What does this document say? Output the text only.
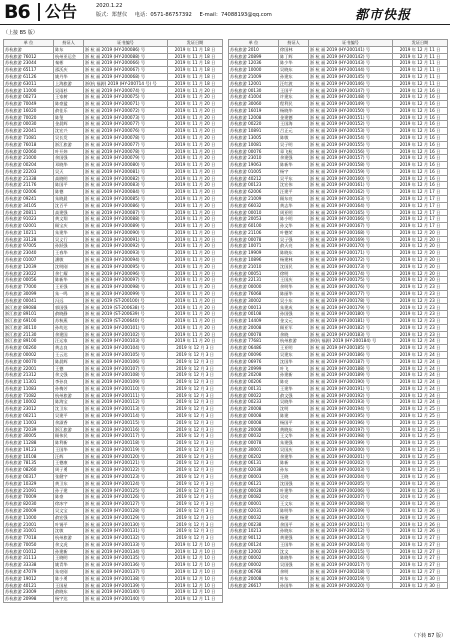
B6 公告	2020.1.22
版式：郑慧仪 电话：0571-86757392 E-mail：74088193@qq.com	都市快报
（上接 B5 版）
单 位	持证人	证书编号	发证日期
苏杭旅游	陈东	浙 杭 福 2019 (HY-200086) 号	2019 年 11 月 18 日
苏杭旅游 76012	杭州亚运会	浙 杭 福 2019 (HY-200088) 号	2019 年 11 月 18 日
苏杭旅游 23044	秦彬	浙 杭 福 2019 (HY-200066) 号	2019 年 11 月 18 日
苏杭旅游 65117	邵沃庆	浙 杭 福 2019 (HY-200067) 号	2019 年 11 月 18 日
苏杭旅游 61126	姚丹华	浙 杭 福 2019 (HY-200068) 号	2019 年 11 月 18 日
苏杭旅游 63011	上海旅游	浙(杭 福源) 2019 (HY-200714 号) 号	2019 年 11 月 18 日
苏杭旅游 11000	吴雨杉	浙 杭 福 2019 (HY-200074) 号	2019 年 11 月 20 日
苏杭旅游 00273	王家树	浙 杭 福 2019 (HY-200075) 号	2019 年 11 月 20 日
苏杭旅游 70049	陈豪猛	浙 杭 福 2019 (HY-200071) 号	2019 年 11 月 20 日
苏杭旅游 16020	俞佳乐	浙 杭 福 2019 (HY-200072) 号	2019 年 11 月 20 日
苏杭旅游 70020	陈玺	浙 杭 福 2019 (HY-200073) 号	2019 年 11 月 20 日
苏杭旅游 00030	金晨辉	浙 杭 福 2019 (HY-200077) 号	2019 年 11 月 20 日
苏杭旅游 22041	沈宏兴	浙 杭 福 2019 (HY-200076) 号	2019 年 11 月 20 日
苏杭旅游 71081	吴长发	浙 杭 福 2019 (HY-200078) 号	2019 年 11 月 20 日
苏杭旅游 76018	浙江旅游	浙 杭 福 2019 (HY-200077) 号	2019 年 11 月 20 日
苏杭旅游 02060	叶开炜	浙 杭 福 2019 (HY-200078) 号	2019 年 11 月 20 日
苏杭旅游 21000	余国强	浙 杭 福 2019 (HY-200079) 号	2019 年 11 月 20 日
苏杭旅游 00204	邓晓华	浙 杭 福 2019 (HY-200080) 号	2019 年 11 月 20 日
苏杭旅游 22203	吴天	浙 杭 福 2019 (HY-200081) 号	2019 年 11 月 20 日
苏杭旅游 21338	高晓明	浙 杭 福 2019 (HY-200082) 号	2019 年 11 月 20 日
苏杭旅游 21176	陈国平	浙 杭 福 2019 (HY-200083) 号	2019 年 11 月 20 日
苏杭旅游 02006	陈德	浙 杭 福 2019 (HY-200084) 号	2019 年 11 月 20 日
苏杭旅游 09241	朱晓晨	浙 杭 福 2019 (HY-200085) 号	2019 年 11 月 20 日
苏杭旅游 34105	沈百平	浙 杭 福 2019 (HY-200086) 号	2019 年 11 月 20 日
苏杭旅游 20811	高建强	浙 杭 福 2019 (HY-200087) 号	2019 年 11 月 20 日
苏杭旅游 91023	黄文翔	浙 杭 福 2019 (HY-200088) 号	2019 年 11 月 20 日
苏杭旅游 02001	顾宝庆	浙 杭 福 2019 (HY-200089) 号	2019 年 11 月 20 日
苏杭旅游 10211	朱建华	浙 杭 福 2019 (HY-200090) 号	2019 年 11 月 20 日
苏杭旅游 33128	吴义行	浙 杭 福 2019 (HY-200091) 号	2019 年 11 月 20 日
苏杭旅游 97005	孙跃强	浙 杭 福 2019 (HY-200092) 号	2019 年 11 月 20 日
苏杭旅游 23040	王春华	浙 杭 福 2019 (HY-200093) 号	2019 年 11 月 20 日
苏杭旅游 01007	潘敏	浙 杭 福 2019 (HY-200094) 号	2019 年 11 月 20 日
苏杭旅游 12039	沈明刚	浙 杭 福 2019 (HY-200095) 号	2019 年 11 月 20 日
苏杭旅游 23022	余仁耀	浙 杭 福 2019 (HY-200096) 号	2019 年 11 月 20 日
苏杭旅游 00056	陈新华	浙 杭 福 2019 (HY-200097) 号	2019 年 11 月 20 日
苏杭旅游 77000	王亚强	浙 杭 福 2019 (HY-200098) 号	2019 年 11 月 20 日
苏杭旅游 30099	朱一鸣	浙 杭 福 2019 (HY-200099) 号	2019 年 11 月 20 日
苏杭旅游 00041	冯远	浙 杭 福 2019 (ST-200100) 号	2019 年 11 月 20 日
浙江旅游 89088	郭国强	浙 杭 福 2019 (ST-200638) 号	2019 年 11 月 20 日
浙江旅游 89101	俞晓静	浙 杭 福 2019 (ST-200639) 号	2019 年 11 月 20 日
浙江旅游 69100	苏秋燕	浙 杭 福 2019 (ST-200640) 号	2019 年 11 月 20 日
浙江旅游 30110	孙幼达	浙 杭 福 2019 (HY-200101) 号	2019 年 11 月 20 日
浙江旅游 21130	余建国	浙 杭 福 2019 (HY-200102) 号	2019 年 11 月 20 日
浙江旅游 89100	汪运家	浙 杭 福 2019 (HY-200103) 号	2019 年 11 月 20 日
苏杭旅游 00260	黄志良	浙 杭 福 2019 (HY-200104) 号	2019 年 12 月 3 日
苏杭旅游 00002	王云达	浙 杭 福 2019 (HY-200105) 号	2019 年 12 月 3 日
苏杭旅游 00070	陈晨辉	浙 杭 福 2019 (HY-200106) 号	2019 年 12 月 3 日
苏杭旅游 22001	王德	浙 杭 福 2019 (HY-200107) 号	2019 年 12 月 3 日
苏杭旅游 21312	余文强	浙 杭 福 2019 (HY-200108) 号	2019 年 12 月 3 日
苏杭旅游 11301	李孙良	浙 杭 福 2019 (HY-200109) 号	2019 年 12 月 3 日
苏杭旅游 11083	孙梅芳	浙 杭 福 2019 (HY-200110) 号	2019 年 12 月 3 日
苏杭旅游 71082	杭州旅游	浙 杭 福 2019 (HY-200111) 号	2019 年 12 月 3 日
苏杭旅游 10002	陈海宝	浙 杭 福 2019 (HY-200112) 号	2019 年 12 月 3 日
苏杭旅游 23012	沈卫东	浙 杭 福 2019 (HY-200113) 号	2019 年 12 月 3 日
苏杭旅游 00211	吴建平	浙 杭 福 2019 (HY-200114) 号	2019 年 12 月 3 日
苏杭旅游 11003	余淑香	浙 杭 福 2019 (HY-200115) 号	2019 年 12 月 3 日
苏杭旅游 72039	浙江旅游	浙 杭 福 2019 (HY-200116) 号	2019 年 12 月 3 日
苏杭旅游 30005	顾伟民	浙 杭 福 2019 (HY-200117) 号	2019 年 12 月 3 日
苏杭旅游 11288	陈利新	浙 杭 福 2019 (HY-200118) 号	2019 年 12 月 3 日
苏杭旅游 19123	王国华	浙 杭 福 2019 (HY-200119) 号	2019 年 12 月 3 日
苏杭旅游 10108	汪辉	浙 杭 福 2019 (HY-200120) 号	2019 年 12 月 3 日
苏杭旅游 78135	王德康	浙 杭 福 2019 (HY-200121) 号	2019 年 12 月 3 日
苏杭旅游 08260	周子勇	浙 杭 福 2019 (HY-200122) 号	2019 年 12 月 3 日
苏杭旅游 00317	张健宇	浙 杭 福 2019 (HY-200123) 号	2019 年 12 月 3 日
苏杭旅游 10329	黄卫东	浙 杭 福 2019 (HY-200124) 号	2019 年 12 月 3 日
苏杭旅游 21091	孙子建	浙 杭 福 2019 (HY-200125) 号	2019 年 12 月 3 日
苏杭旅游 70009	陈豪	浙 杭 福 2019 (HY-200126) 号	2019 年 12 月 3 日
苏杭旅游 82030	徐冰宇	浙 杭 福 2019 (HY-200127) 号	2019 年 12 月 3 日
苏杭旅游 20009	吴文宝	浙 杭 福 2019 (HY-200128) 号	2019 年 12 月 3 日
苏杭旅游 11000	俞宏强	浙 杭 福 2019 (HY-200129) 号	2019 年 12 月 3 日
苏杭旅游 21001	叶锡平	浙 杭 福 2019 (HY-200130) 号	2019 年 12 月 3 日
苏杭旅游 31001	沈敏	浙 杭 福 2019 (HY-200131) 号	2019 年 12 月 3 日
苏杭旅游 77018	杭州旅游	浙 杭 福 2019 (HY-200132) 号	2019 年 12 月 3 日
苏杭旅游 70050	余文虎	浙 杭 福 2019 (HY-200133) 号	2019 年 12 月 10 日
苏杭旅游 01012	孙建新	浙 杭 福 2019 (HY-200134) 号	2019 年 12 月 10 日
苏杭旅游 31113	王晓明	浙 杭 福 2019 (HY-200135) 号	2019 年 12 月 10 日
苏杭旅游 33338	姚青华	浙 杭 福 2019 (HY-200136) 号	2019 年 12 月 10 日
苏杭旅游 47079	朱亮刚	浙 杭 福 2019 (HY-200137) 号	2019 年 12 月 10 日
苏杭旅游 19012	陈小勇	浙 杭 福 2019 (HY-200138) 号	2019 年 12 月 10 日
苏杭旅游 40121	王国星	浙 杭 福 2019 (HY-200139) 号	2019 年 12 月 10 日
苏杭旅游 23009	俞晓东	浙 杭 福 2019 (HY-200140) 号	2019 年 12 月 10 日
苏杭旅游 20998	杨宇达	浙 杭 福 2019 (HY-200140) 号	2019 年 12 月 11 日
单 位	持证人	证书编号	发证日期
苏杭旅游 2010	徐国林	浙 杭 福 2019 (HY-200141) 号	2019 年 12 月 11 日
苏杭旅游 20899	陈丁辉	浙 杭 福 2019 (HY-200142) 号	2019 年 12 月 11 日
苏杭旅游 12036	陈少华	浙 杭 福 2019 (HY-200143) 号	2019 年 12 月 11 日
苏杭旅游 10000	吴晓东	浙 杭 福 2019 (HY-200144) 号	2019 年 12 月 11 日
苏杭旅游 21009	孙建东	浙 杭 福 2019 (HY-200145) 号	2019 年 12 月 11 日
苏杭旅游 12001	汪红波	浙 杭 福 2019 (HY-200146) 号	2019 年 12 月 11 日
苏杭旅游 00130	王国平	浙 杭 福 2019 (HY-200147) 号	2019 年 12 月 16 日
苏杭旅游 41004	许建东	浙 杭 福 2019 (HY-200148) 号	2019 年 12 月 16 日
苏杭旅游 30060	程利民	浙 杭 福 2019 (HY-200149) 号	2019 年 12 月 16 日
苏杭旅游 16019	杨晓华	浙 杭 福 2019 (HY-200150) 号	2019 年 12 月 16 日
苏杭旅游 12008	金建德	浙 杭 福 2019 (HY-200151) 号	2019 年 12 月 16 日
苏杭旅游 00220	王国海	浙 杭 福 2019 (HY-200152) 号	2019 年 12 月 16 日
苏杭旅游 10891	吕正元	浙 杭 福 2019 (HY-200153) 号	2019 年 12 月 16 日
苏杭旅游 13005	陈敏	浙 杭 福 2019 (HY-200154) 号	2019 年 12 月 16 日
苏杭旅游 10081	吴子明	浙 杭 福 2019 (HY-200155) 号	2019 年 12 月 16 日
苏杭旅游 00076	章飞杭	浙 杭 福 2019 (HY-200156) 号	2019 年 12 月 16 日
苏杭旅游 23010	余建强	浙 杭 福 2019 (HY-200157) 号	2019 年 12 月 16 日
苏杭旅游 19063	陈新华	浙 杭 福 2019 (HY-200158) 号	2019 年 12 月 16 日
苏杭旅游 01005	杨宇	浙 杭 福 2019 (HY-200159) 号	2019 年 12 月 16 日
苏杭旅游 40212	吴平东	浙 杭 福 2019 (HY-200160) 号	2019 年 12 月 16 日
苏杭旅游 00123	沈宏伟	浙 杭 福 2019 (HY-200161) 号	2019 年 12 月 16 日
苏杭旅游 62006	汪建平	浙 杭 福 2019 (HY-200162) 号	2019 年 12 月 17 日
苏杭旅游 21009	顾东亮	浙 杭 福 2019 (HY-200163) 号	2019 年 12 月 17 日
苏杭旅游 66032	黄志华	浙 杭 福 2019 (HY-200164) 号	2019 年 12 月 17 日
苏杭旅游 00010	周亚明	浙 杭 福 2019 (HY-200165) 号	2019 年 12 月 17 日
苏杭旅游 20053	陈小明	浙 杭 福 2019 (HY-200166) 号	2019 年 12 月 17 日
苏杭旅游 60100	孙文华	浙 杭 福 2019 (HY-200167) 号	2019 年 12 月 17 日
苏杭旅游 21106	叶德荣	浙 杭 福 2019 (HY-200168) 号	2019 年 12 月 20 日
苏杭旅游 00078	吴子强	浙 杭 福 2019 (HY-200169) 号	2019 年 12 月 20 日
苏杭旅游 10071	俞天亮	浙 杭 福 2019 (HY-200170) 号	2019 年 12 月 20 日
苏杭旅游 19909	陈晓东	浙 杭 福 2019 (HY-200171) 号	2019 年 12 月 20 日
苏杭旅游 10896	杨建林	浙 杭 福 2019 (HY-200172) 号	2019 年 12 月 20 日
苏杭旅游 21010	沈国民	浙 杭 福 2019 (HY-200173) 号	2019 年 12 月 20 日
苏杭旅游 00051	徐明	浙 杭 福 2019 (HY-200174) 号	2019 年 12 月 20 日
苏杭旅游 22131	王国庆	浙 杭 福 2019 (HY-200175) 号	2019 年 12 月 20 日
苏杭旅游 00000	余明华	浙 杭 福 2019 (HY-200176) 号	2019 年 12 月 23 日
苏杭旅游 76068	陈丽华	浙 杭 福 2019 (HY-200177) 号	2019 年 12 月 23 日
苏杭旅游 30002	吴小东	浙 杭 福 2019 (HY-200178) 号	2019 年 12 月 23 日
苏杭旅游 00013	朱建成	浙 杭 福 2019 (HY-200179) 号	2019 年 12 月 23 日
苏杭旅游 00108	孙国强	浙 杭 福 2019 (HY-200180) 号	2019 年 12 月 23 日
苏杭旅游 14409	金文元	浙 杭 福 2019 (HY-200181) 号	2019 年 12 月 23 日
苏杭旅游 20008	顾亚军	浙 杭 福 2019 (HY-200182) 号	2019 年 12 月 23 日
苏杭旅游 00078	余晓	浙 杭 福 2019 (HY-200183) 号	2019 年 12 月 23 日
苏杭旅游 77681	杭州旅游	浙(杭 福源) 2019 (HY-200184) 号	2019 年 12 月 24 日
苏杭旅游 06486	王亚明	浙 杭 福 2019 (HY-200185) 号	2019 年 12 月 24 日
苏杭旅游 00096	吴建东	浙 杭 福 2019 (HY-200186) 号	2019 年 12 月 24 日
苏杭旅游 06976	沈国华	浙 杭 福 2019 (HY-200187) 号	2019 年 12 月 24 日
苏杭旅游 20999	叶飞	浙 杭 福 2019 (HY-200188) 号	2019 年 12 月 24 日
苏杭旅游 20208	孙建新	浙 杭 福 2019 (HY-200189) 号	2019 年 12 月 24 日
苏杭旅游 00206	陈亮	浙 杭 福 2019 (HY-200190) 号	2019 年 12 月 24 日
苏杭旅游 00131	王建华	浙 杭 福 2019 (HY-200191) 号	2019 年 12 月 24 日
苏杭旅游 00022	俞文强	浙 杭 福 2019 (HY-200192) 号	2019 年 12 月 24 日
苏杭旅游 00233	吴晓华	浙 杭 福 2019 (HY-200193) 号	2019 年 12 月 24 日
苏杭旅游 20008	沈明	浙 杭 福 2019 (HY-200194) 号	2019 年 12 月 25 日
苏杭旅游 00008	陈建	浙 杭 福 2019 (HY-200195) 号	2019 年 12 月 25 日
苏杭旅游 00008	杨国平	浙 杭 福 2019 (HY-200196) 号	2019 年 12 月 25 日
苏杭旅游 20008	黄晓东	浙 杭 福 2019 (HY-200197) 号	2019 年 12 月 25 日
苏杭旅游 00032	王文华	浙 杭 福 2019 (HY-200198) 号	2019 年 12 月 25 日
苏杭旅游 00078	朱建强	浙 杭 福 2019 (HY-200199) 号	2019 年 12 月 25 日
苏杭旅游 30001	吴国庆	浙 杭 福 2019 (HY-200200) 号	2019 年 12 月 25 日
苏杭旅游 00202	余建华	浙 杭 福 2019 (HY-200201) 号	2019 年 12 月 25 日
苏杭旅游 06131	陈新	浙 杭 福 2019 (HY-200202) 号	2019 年 12 月 25 日
苏杭旅游 02038	孙东	浙 杭 福 2019 (HY-200203) 号	2019 年 12 月 25 日
苏杭旅游 00003	王晓	浙 杭 福 2019 (HY-200204) 号	2019 年 12 月 26 日
苏杭旅游 06121	沈国强	浙 杭 福 2019 (HY-200205) 号	2019 年 12 月 26 日
苏杭旅游 00028	叶建华	浙 杭 福 2019 (HY-200206) 号	2019 年 12 月 26 日
苏杭旅游 00082	吴亮	浙 杭 福 2019 (HY-200207) 号	2019 年 12 月 26 日
苏杭旅游 00001	王文东	浙 杭 福 2019 (HY-200208) 号	2019 年 12 月 26 日
苏杭旅游 02031	陈明华	浙 杭 福 2019 (HY-200209) 号	2019 年 12 月 26 日
苏杭旅游 00032	杨建	浙 杭 福 2019 (HY-200210) 号	2019 年 12 月 26 日
苏杭旅游 00238	余国平	浙 杭 福 2019 (HY-200211) 号	2019 年 12 月 26 日
苏杭旅游 10213	孙晓东	浙 杭 福 2019 (HY-200212) 号	2019 年 12 月 26 日
苏杭旅游 90112	黄建强	浙 杭 福 2019 (HY-200213) 号	2019 年 12 月 27 日
苏杭旅游 00124	王国华	浙 杭 福 2019 (HY-200214) 号	2019 年 12 月 27 日
苏杭旅游 12002	沈文	浙 杭 福 2019 (HY-200215) 号	2019 年 12 月 27 日
苏杭旅游 00002	陈晓华	浙 杭 福 2019 (HY-200216) 号	2019 年 12 月 27 日
苏杭旅游 00002	吴国强	浙 杭 福 2019 (HY-200217) 号	2019 年 12 月 27 日
苏杭旅游 06768	余明	浙 杭 福 2019 (HY-200218) 号	2019 年 12 月 27 日
苏杭旅游 20008	叶东	浙 杭 福 2019 (HY-200219) 号	2019 年 12 月 30 日
苏杭旅游 26617	孙国华	浙 杭 福 2019 (HY-200220) 号	2019 年 12 月 30 日
（下转 B7 版）
